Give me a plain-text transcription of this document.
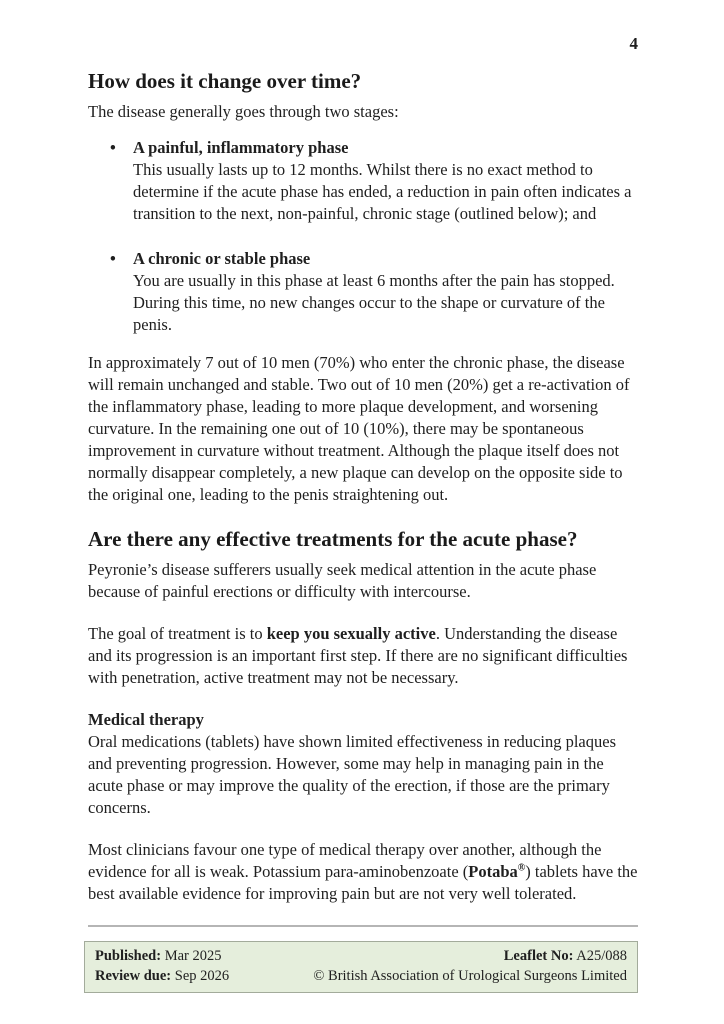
4
How does it change over time?

The disease generally goes through two stages:

• A painful, inflammatory phase
This usually lasts up to 12 months. Whilst there is no exact method to determine if the acute phase has ended, a reduction in pain often indicates a transition to the next, non-painful, chronic stage (outlined below); and
• A chronic or stable phase
You are usually in this phase at least 6 months after the pain has stopped. During this time, no new changes occur to the shape or curvature of the penis.

In approximately 7 out of 10 men (70%) who enter the chronic phase, the disease will remain unchanged and stable. Two out of 10 men (20%) get a re-activation of the inflammatory phase, leading to more plaque development, and worsening curvature. In the remaining one out of 10 (10%), there may be spontaneous improvement in curvature without treatment. Although the plaque itself does not normally disappear completely, a new plaque can develop on the opposite side to the original one, leading to the penis straightening out.

Are there any effective treatments for the acute phase?

Peyronie’s disease sufferers usually seek medical attention in the acute phase because of painful erections or difficulty with intercourse.

The goal of treatment is to keep you sexually active. Understanding the disease and its progression is an important first step. If there are no significant difficulties with penetration, active treatment may not be necessary.

Medical therapy

Oral medications (tablets) have shown limited effectiveness in reducing plaques and preventing progression. However, some may help in managing pain in the acute phase or may improve the quality of the erection, if those are the primary concerns.

Most clinicians favour one type of medical therapy over another, although the evidence for all is weak. Potassium para-aminobenzoate (Potaba®) tablets have the best available evidence for improving pain but are not very well tolerated.

Published: Mar 2025
Review due: Sep 2026
Leaflet No: A25/088
© British Association of Urological Surgeons Limited
